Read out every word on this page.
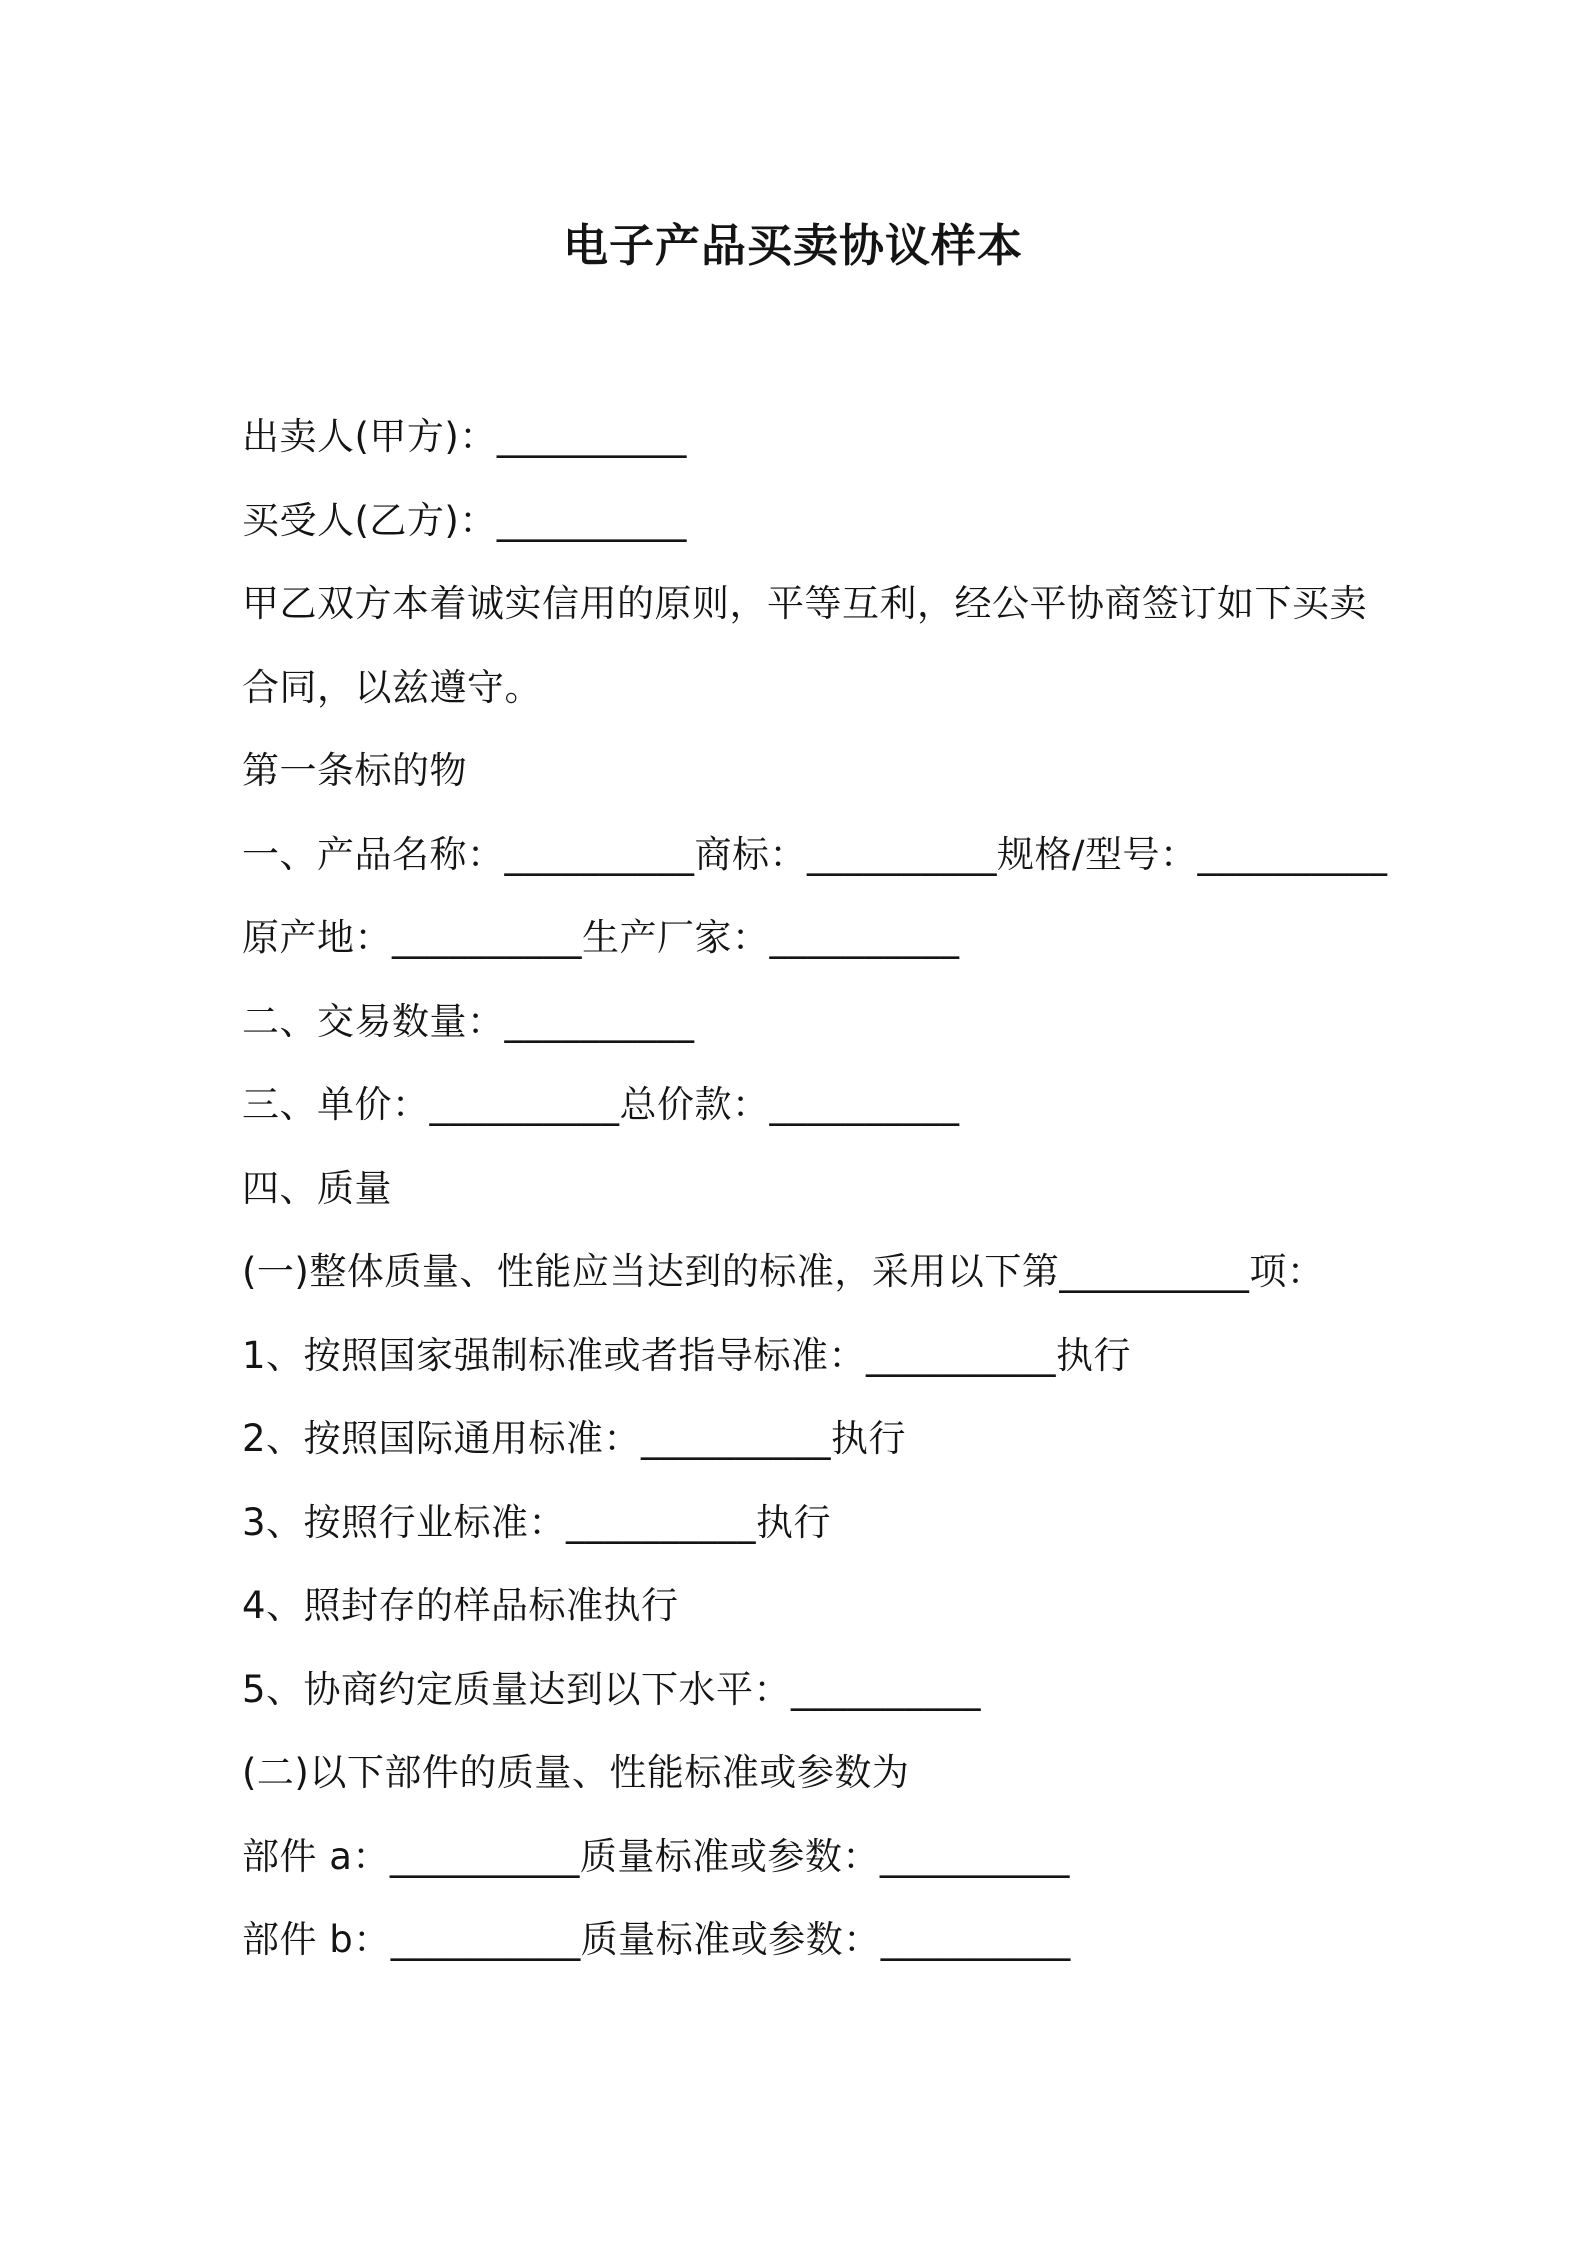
电子产品买卖协议样本
出卖人(甲方)：__________
买受人(乙方)：__________
甲乙双方本着诚实信用的原则，平等互利，经公平协商签订如下买卖
合同，以兹遵守。
第一条标的物
一、产品名称：__________商标：__________规格/型号：__________
原产地：__________生产厂家：__________
二、交易数量：__________
三、单价：__________总价款：__________
四、质量
(一)整体质量、性能应当达到的标准，采用以下第__________项：
1、按照国家强制标准或者指导标准：__________执行
2、按照国际通用标准：__________执行
3、按照行业标准：__________执行
4、照封存的样品标准执行
5、协商约定质量达到以下水平：__________
(二)以下部件的质量、性能标准或参数为
部件 a：__________质量标准或参数：__________
部件 b：__________质量标准或参数：__________
